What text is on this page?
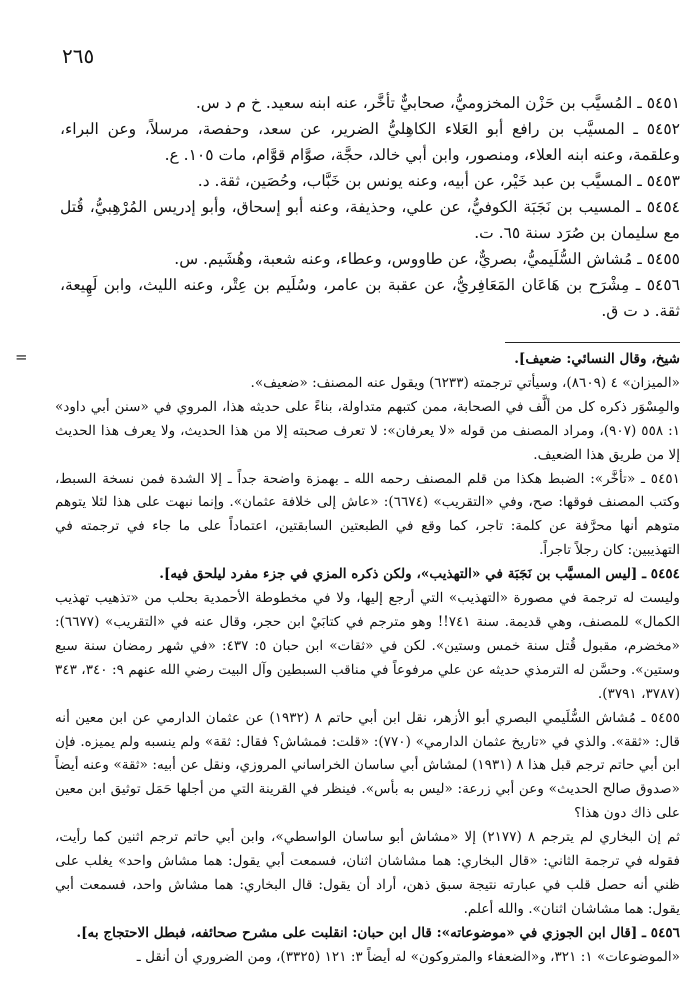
٢٦٥

٥٤٥١ ـ المُسيَّب بن حَزْن المخزوميُّ، صحابيٌّ تأخَّر، عنه ابنه سعيد. خ م د س.

٥٤٥٢ ـ المسيَّب بن رافع أبو العَلاء الكاهِليُّ الضرير، عن سعد، وحفصة، مرسلاً، وعن البراء، وعلقمة، وعنه ابنه العلاء، ومنصور، وابن أبي خالد، حجَّة، صوَّام قوَّام، مات ١٠٥. ع.

٥٤٥٣ ـ المسيَّب بن عبد خَيْر، عن أبيه، وعنه يونس بن خَبَّاب، وحُصَين، ثقة. د.

٥٤٥٤ ـ المسيب بن نَجَبَة الكوفيُّ، عن علي، وحذيفة، وعنه أبو إسحاق، وأبو إدريس المُرْهِبيُّ، قُتل مع سليمان بن صُرَد سنة ٦٥. ت.

٥٤٥٥ ـ مُشاش السُّلَيميُّ، بصريٌّ، عن طاووس، وعطاء، وعنه شعبة، وهُشَيم. س.

٥٤٥٦ ـ مِشْرَح بن هَاعَان المَعَافِريُّ، عن عقبة بن عامر، وسُلَيم بن عِتْر، وعنه الليث، وابن لَهِيعة، ثقة. د ت ق.

=	شيخ، وقال النسائي: ضعيف].

«الميزان» ٤ (٨٦٠٩)، وسيأتي ترجمته (٦٢٣٣) ويقول عنه المصنف: «ضعيف».

والمِسْوَر ذكره كل من ألَّف في الصحابة، ممن كتبهم متداولة، بناءً على حديثه هذا، المروي في «سنن أبي داود» ١: ٥٥٨ (٩٠٧)، ومراد المصنف من قوله «لا يعرفان»: لا تعرف صحبته إلا من هذا الحديث، ولا يعرف هذا الحديث إلا من طريق هذا الضعيف.

٥٤٥١ ـ «تأخَّر»: الضبط هكذا من قلم المصنف رحمه الله ـ بهمزة واضحة جداً ـ إلا الشدة فمن نسخة السبط، وكتب المصنف فوقها: صح، وفي «التقريب» (٦٦٧٤): «عاش إلى خلافة عثمان». وإنما نبهت على هذا لئلا يتوهم متوهم أنها محرَّفة عن كلمة: تاجر، كما وقع في الطبعتين السابقتين، اعتماداً على ما جاء في ترجمته في التهذيبين: كان رجلاً تاجراً.

٥٤٥٤ ـ [ليس المسيَّب بن نَجَبَة في «التهذيب»، ولكن ذكره المزي في جزء مفرد ليلحق فيه].

وليست له ترجمة في مصورة «التهذيب» التي أرجع إليها، ولا في مخطوطة الأحمدية بحلب من «تذهيب تهذيب الكمال» للمصنف، وهي قديمة. سنة ٧٤١!! وهو مترجم في كتابَيْ ابن حجر، وقال عنه في «التقريب» (٦٦٧٧): «مخضرم، مقبول قُتل سنة خمس وستين». لكن في «ثقات» ابن حبان ٥: ٤٣٧: «في شهر رمضان سنة سبع وستين». وحسَّن له الترمذي حديثه عن علي مرفوعاً في مناقب السبطين وآل البيت رضي الله عنهم ٩: ٣٤٠، ٣٤٣ (٣٧٨٧، ٣٧٩١).

٥٤٥٥ ـ مُشاش السُّلَيمي البصري أبو الأزهر، نقل ابن أبي حاتم ٨ (١٩٣٢) عن عثمان الدارمي عن ابن معين أنه قال: «ثقة». والذي في «تاريخ عثمان الدارمي» (٧٧٠): «قلت: فمشاش؟ فقال: ثقة» ولم ينسبه ولم يميزه. فإن ابن أبي حاتم ترجم قبل هذا ٨ (١٩٣١) لمشاش أبي ساسان الخراساني المروزي، ونقل عن أبيه: «ثقة» وعنه أيضاً «صدوق صالح الحديث» وعن أبي زرعة: «ليس به بأس». فينظر في القرينة التي من أجلها حَمَل توثيق ابن معين على ذاك دون هذا؟

ثم إن البخاري لم يترجم ٨ (٢١٧٧) إلا «مشاش أبو ساسان الواسطي»، وابن أبي حاتم ترجم اثنين كما رأيت، فقوله في ترجمة الثاني: «قال البخاري: هما مشاشان اثنان، فسمعت أبي يقول: هما مشاش واحد» يغلب على ظني أنه حصل قلب في عبارته نتيجة سبق ذهن، أراد أن يقول: قال البخاري: هما مشاش واحد، فسمعت أبي يقول: هما مشاشان اثنان». والله أعلم.

٥٤٥٦ ـ [قال ابن الجوزي في «موضوعاته»: قال ابن حبان: انقلبت على مشرح صحائفه، فبطل الاحتجاج به].

«الموضوعات» ١: ٣٢١، و«الضعفاء والمتروكون» له أيضاً ٣: ١٢١ (٣٣٢٥)، ومن الضروري أن أنقل ـ
